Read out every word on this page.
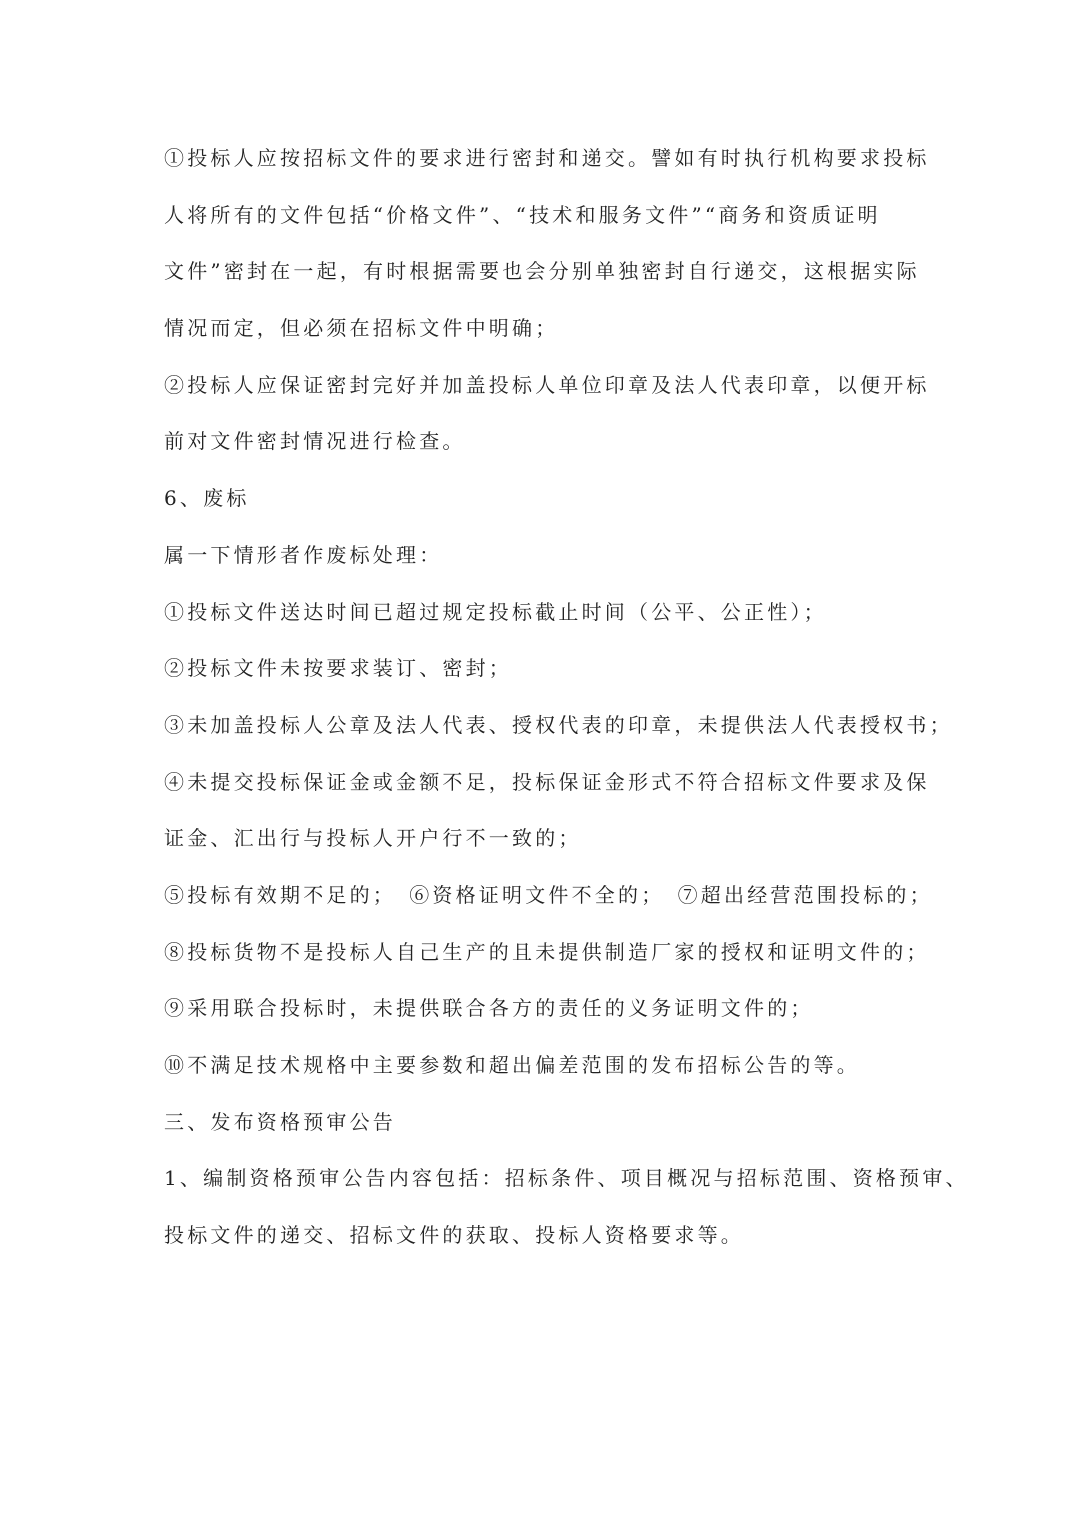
①投标人应按招标文件的要求进行密封和递交。譬如有时执行机构要求投标
人将所有的文件包括“价格文件”、“技术和服务文件”“商务和资质证明
文件”密封在一起，有时根据需要也会分别单独密封自行递交，这根据实际
情况而定，但必须在招标文件中明确；
②投标人应保证密封完好并加盖投标人单位印章及法人代表印章，以便开标
前对文件密封情况进行检查。
6、废标
属一下情形者作废标处理：
①投标文件送达时间已超过规定投标截止时间（公平、公正性）；
②投标文件未按要求装订、密封；
③未加盖投标人公章及法人代表、授权代表的印章，未提供法人代表授权书；
④未提交投标保证金或金额不足，投标保证金形式不符合招标文件要求及保
证金、汇出行与投标人开户行不一致的；
⑤投标有效期不足的；　⑥资格证明文件不全的；　⑦超出经营范围投标的；
⑧投标货物不是投标人自己生产的且未提供制造厂家的授权和证明文件的；
⑨采用联合投标时，未提供联合各方的责任的义务证明文件的；
⑩不满足技术规格中主要参数和超出偏差范围的发布招标公告的等。
三、发布资格预审公告
1、编制资格预审公告内容包括：招标条件、项目概况与招标范围、资格预审、
投标文件的递交、招标文件的获取、投标人资格要求等。
